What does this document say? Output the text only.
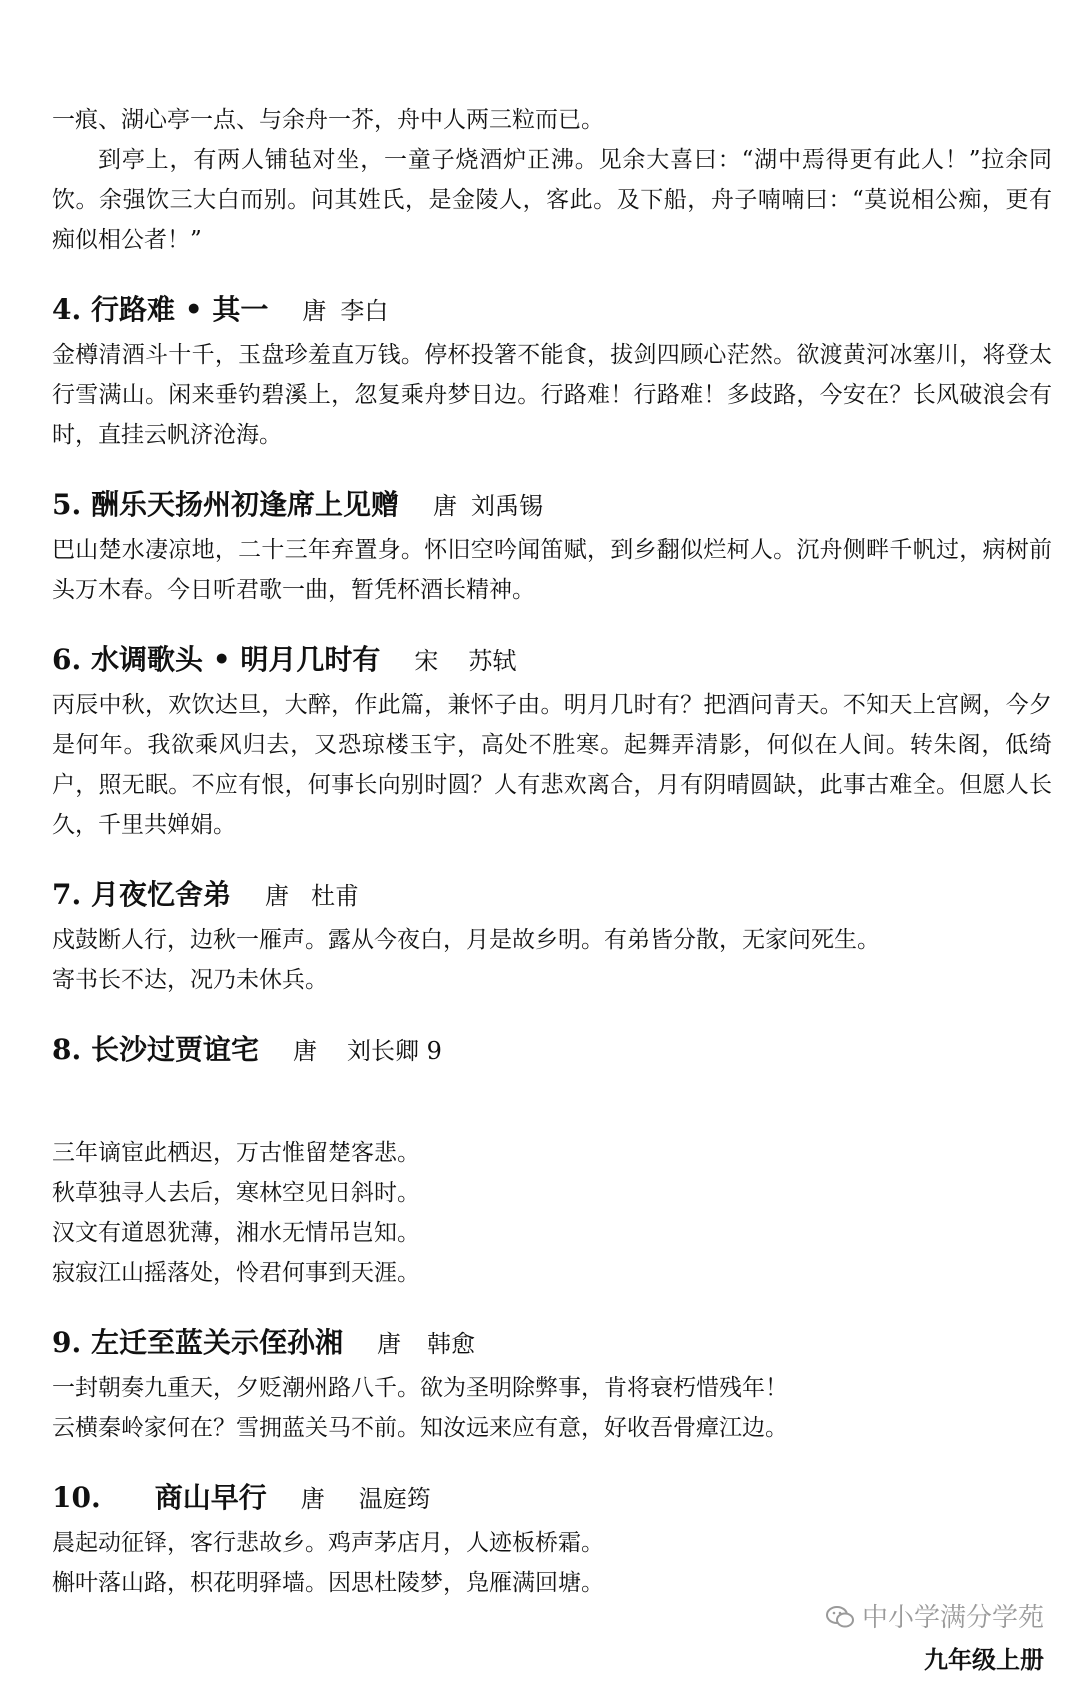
一痕、湖心亭一点、与余舟一芥，舟中人两三粒而已。

到亭上，有两人铺毡对坐，一童子烧酒炉正沸。见余大喜曰：“湖中焉得更有此人！”拉余同饮。余强饮三大白而别。问其姓氏，是金陵人，客此。及下船，舟子喃喃曰：“莫说相公痴，更有痴似相公者！”

4. 行路难 • 其一 唐 李白

金樽清酒斗十千，玉盘珍羞直万钱。停杯投箸不能食，拔剑四顾心茫然。欲渡黄河冰塞川，将登太行雪满山。闲来垂钓碧溪上，忽复乘舟梦日边。行路难！行路难！多歧路，今安在？长风破浪会有时，直挂云帆济沧海。

5. 酬乐天扬州初逢席上见赠 唐 刘禹锡

巴山楚水凄凉地，二十三年弃置身。怀旧空吟闻笛赋，到乡翻似烂柯人。沉舟侧畔千帆过，病树前头万木春。今日听君歌一曲，暂凭杯酒长精神。

6. 水调歌头 • 明月几时有 宋 苏轼

丙辰中秋，欢饮达旦，大醉，作此篇，兼怀子由。明月几时有？把酒问青天。不知天上宫阙，今夕是何年。我欲乘风归去，又恐琼楼玉宇，高处不胜寒。起舞弄清影，何似在人间。转朱阁，低绮户，照无眠。不应有恨，何事长向别时圆？人有悲欢离合，月有阴晴圆缺，此事古难全。但愿人长久，千里共婵娟。

7. 月夜忆舍弟 唐 杜甫

戍鼓断人行，边秋一雁声。露从今夜白，月是故乡明。有弟皆分散，无家问死生。

寄书长不达，况乃未休兵。

8. 长沙过贾谊宅 唐 刘长卿 9

三年谪宦此栖迟，万古惟留楚客悲。

秋草独寻人去后，寒林空见日斜时。

汉文有道恩犹薄，湘水无情吊岂知。

寂寂江山摇落处，怜君何事到天涯。

9. 左迁至蓝关示侄孙湘 唐 韩愈

一封朝奏九重天，夕贬潮州路八千。欲为圣明除弊事，肯将衰朽惜残年！

云横秦岭家何在？雪拥蓝关马不前。知汝远来应有意，好收吾骨瘴江边。

10. 商山早行 唐 温庭筠

晨起动征铎，客行悲故乡。鸡声茅店月，人迹板桥霜。

槲叶落山路，枳花明驿墙。因思杜陵梦，凫雁满回塘。

中小学满分学苑
九年级上册
